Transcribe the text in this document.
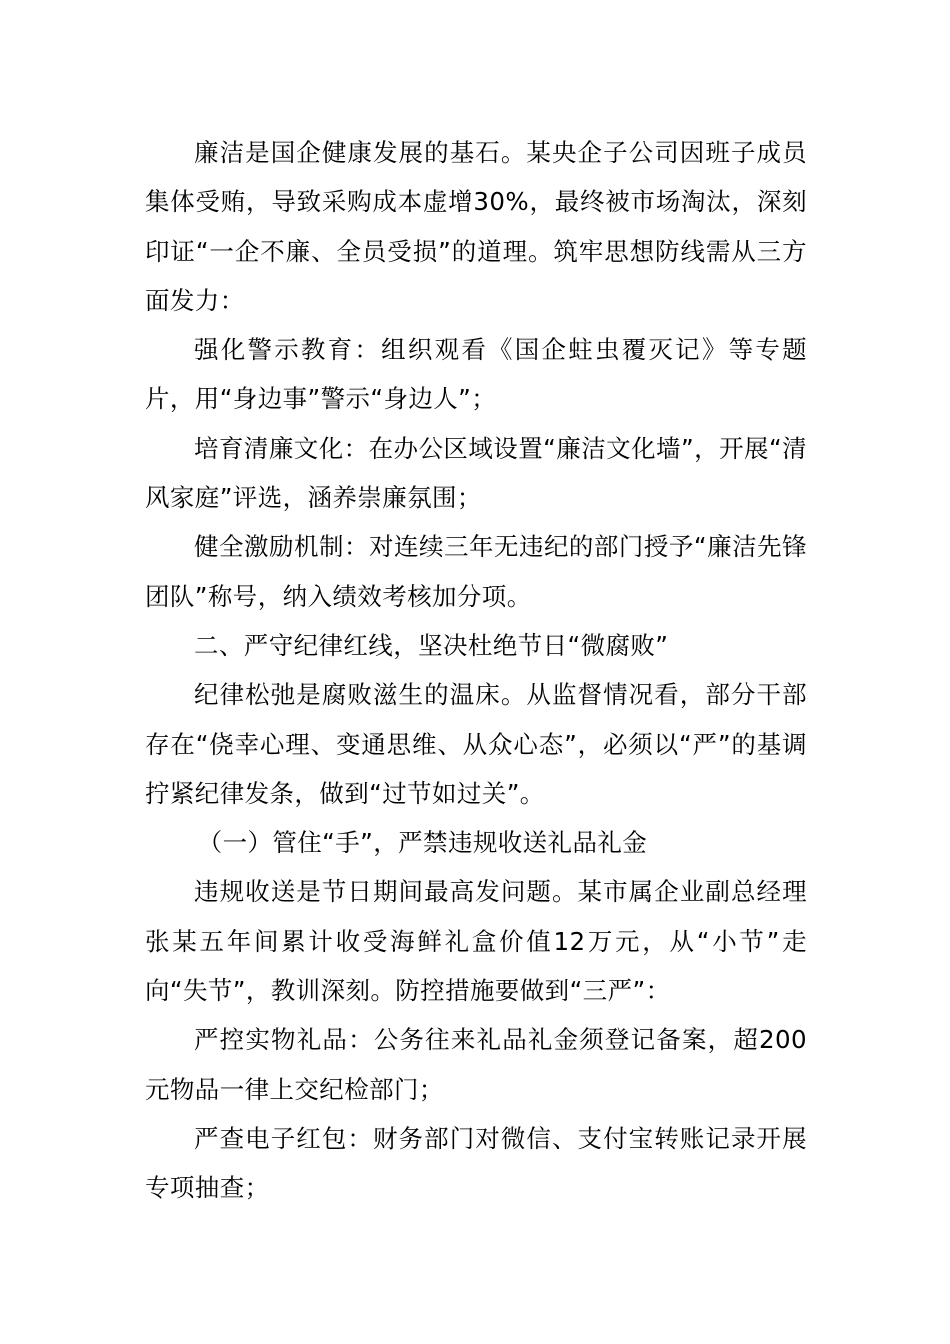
廉洁是国企健康发展的基石。某央企子公司因班子成员集体受贿，导致采购成本虚增30%，最终被市场淘汰，深刻印证“一企不廉、全员受损”的道理。筑牢思想防线需从三方面发力：

强化警示教育：组织观看《国企蛀虫覆灭记》等专题片，用“身边事”警示“身边人”；

培育清廉文化：在办公区域设置“廉洁文化墙”，开展“清风家庭”评选，涵养崇廉氛围；

健全激励机制：对连续三年无违纪的部门授予“廉洁先锋团队”称号，纳入绩效考核加分项。

二、严守纪律红线，坚决杜绝节日“微腐败”

纪律松弛是腐败滋生的温床。从监督情况看，部分干部存在“侥幸心理、变通思维、从众心态”，必须以“严”的基调拧紧纪律发条，做到“过节如过关”。

（一）管住“手”，严禁违规收送礼品礼金

违规收送是节日期间最高发问题。某市属企业副总经理张某五年间累计收受海鲜礼盒价值12万元，从“小节”走向“失节”，教训深刻。防控措施要做到“三严”：

严控实物礼品：公务往来礼品礼金须登记备案，超200元物品一律上交纪检部门；

严查电子红包：财务部门对微信、支付宝转账记录开展专项抽查；
